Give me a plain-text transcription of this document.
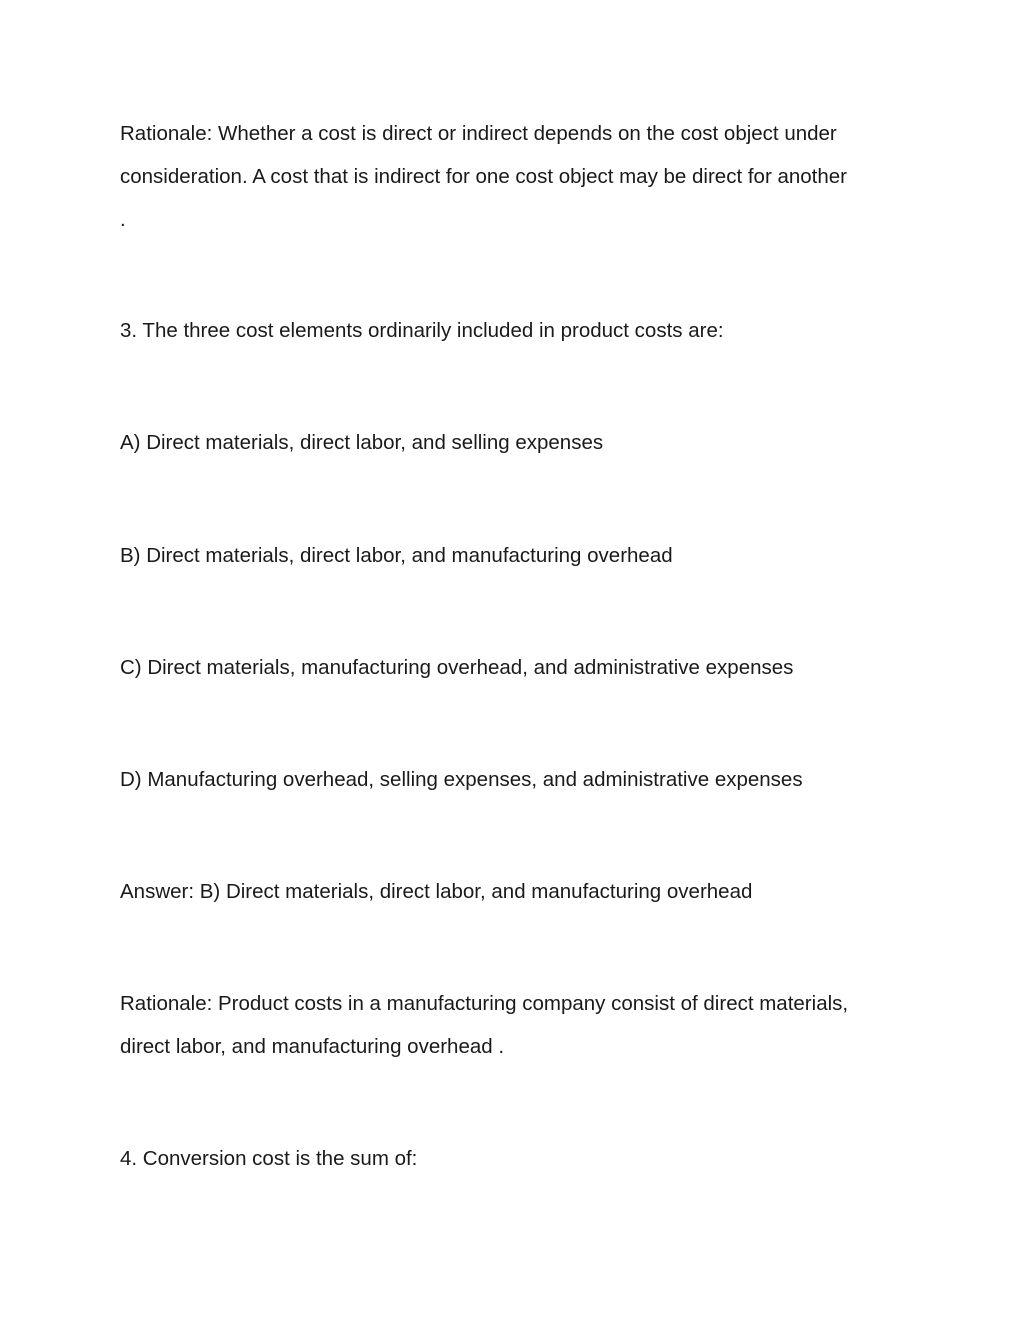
Rationale: Whether a cost is direct or indirect depends on the cost object under
consideration. A cost that is indirect for one cost object may be direct for another
.
3. The three cost elements ordinarily included in product costs are:
A) Direct materials, direct labor, and selling expenses
B) Direct materials, direct labor, and manufacturing overhead
C) Direct materials, manufacturing overhead, and administrative expenses
D) Manufacturing overhead, selling expenses, and administrative expenses
Answer: B) Direct materials, direct labor, and manufacturing overhead
Rationale: Product costs in a manufacturing company consist of direct materials,
direct labor, and manufacturing overhead .
4. Conversion cost is the sum of:
